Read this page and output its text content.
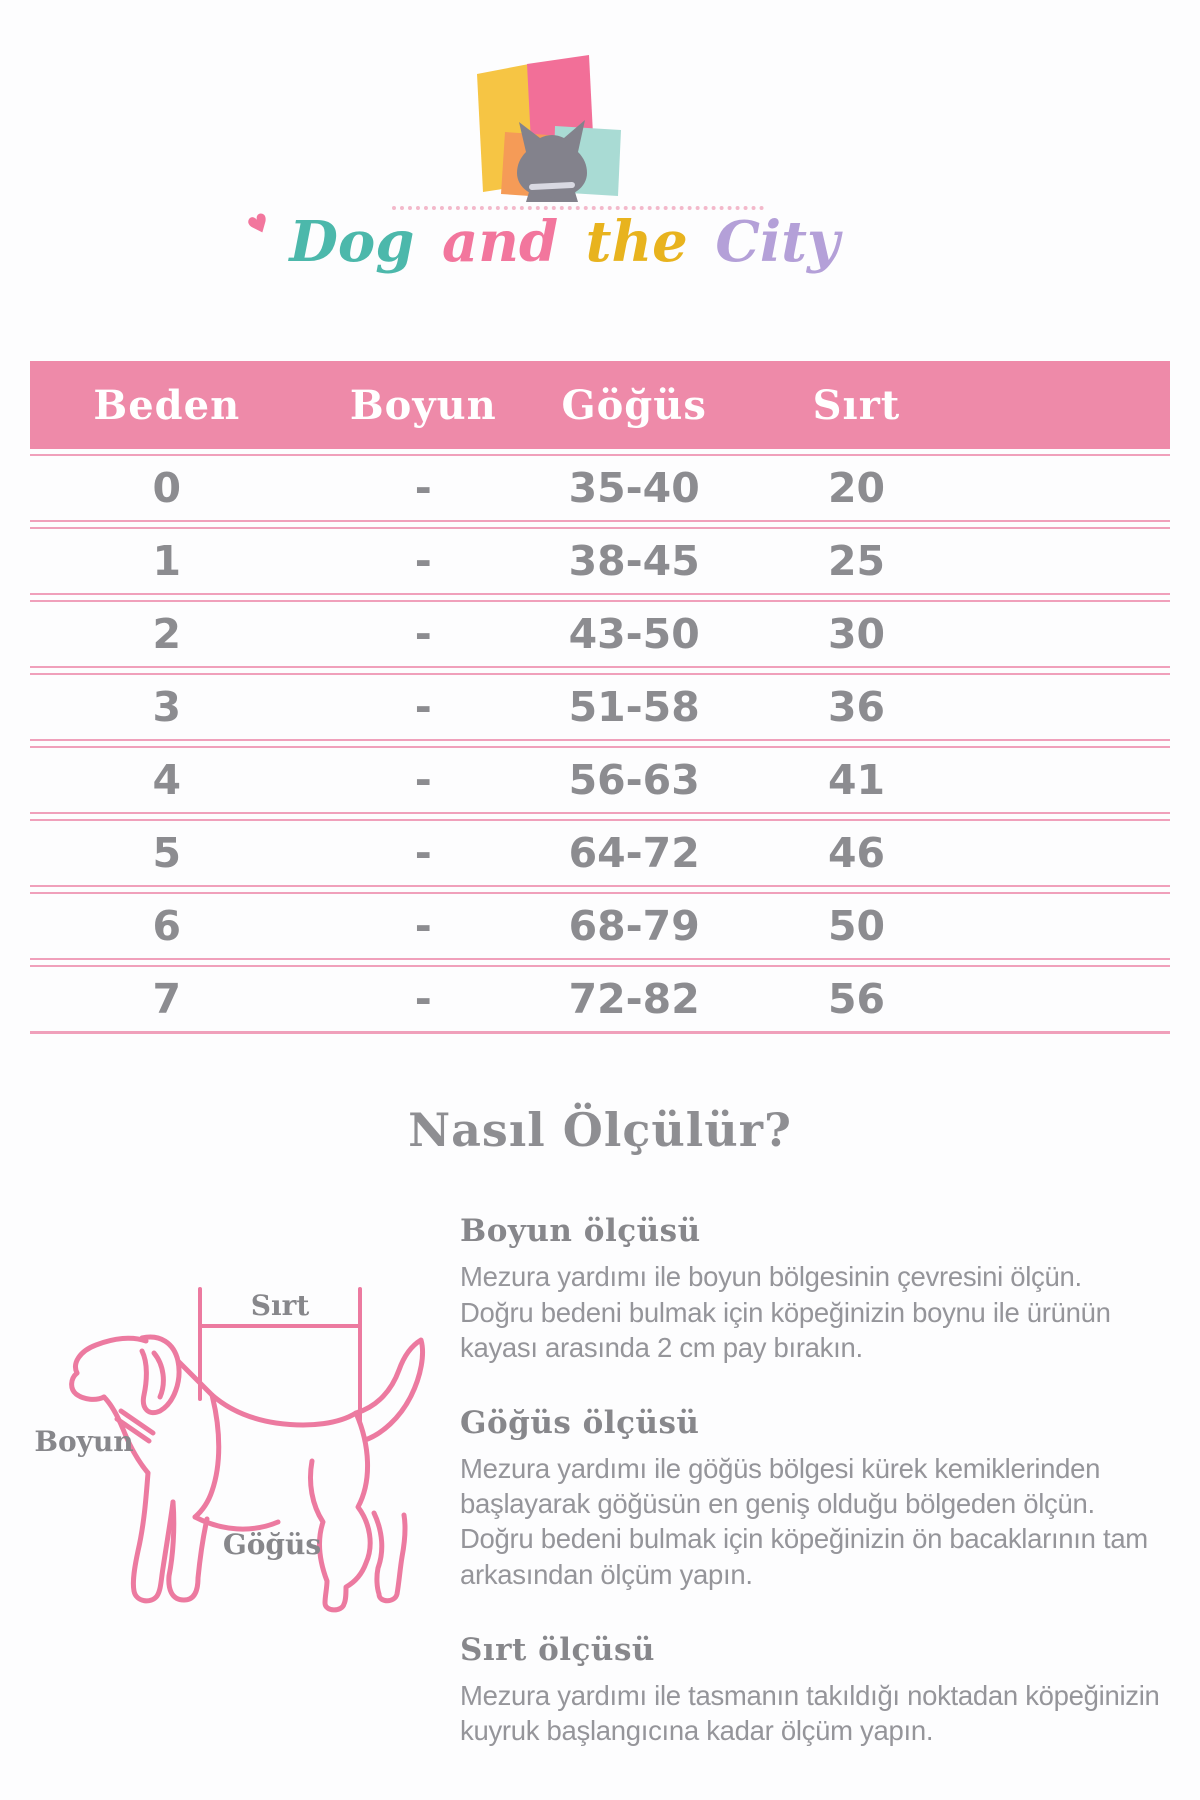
♥ Dog and the City
Beden	Boyun	Göğüs	Sırt	
0	-	35-40	20	
1	-	38-45	25	
2	-	43-50	30	
3	-	51-58	36	
4	-	56-63	41	
5	-	64-72	46	
6	-	68-79	50	
7	-	72-82	56	
Nasıl Ölçülür?
Sırt
Boyun
Göğüs
Boyun ölçüsü

Mezura yardımı ile boyun bölgesinin çevresini ölçün. Doğru bedeni bulmak için köpeğinizin boynu ile ürünün kayası arasında 2 cm pay bırakın.

Göğüs ölçüsü

Mezura yardımı ile göğüs bölgesi kürek kemiklerinden başlayarak göğüsün en geniş olduğu bölgeden ölçün. Doğru bedeni bulmak için köpeğinizin ön bacaklarının tam arkasından ölçüm yapın.

Sırt ölçüsü

Mezura yardımı ile tasmanın takıldığı noktadan köpeğinizin kuyruk başlangıcına kadar ölçüm yapın.
